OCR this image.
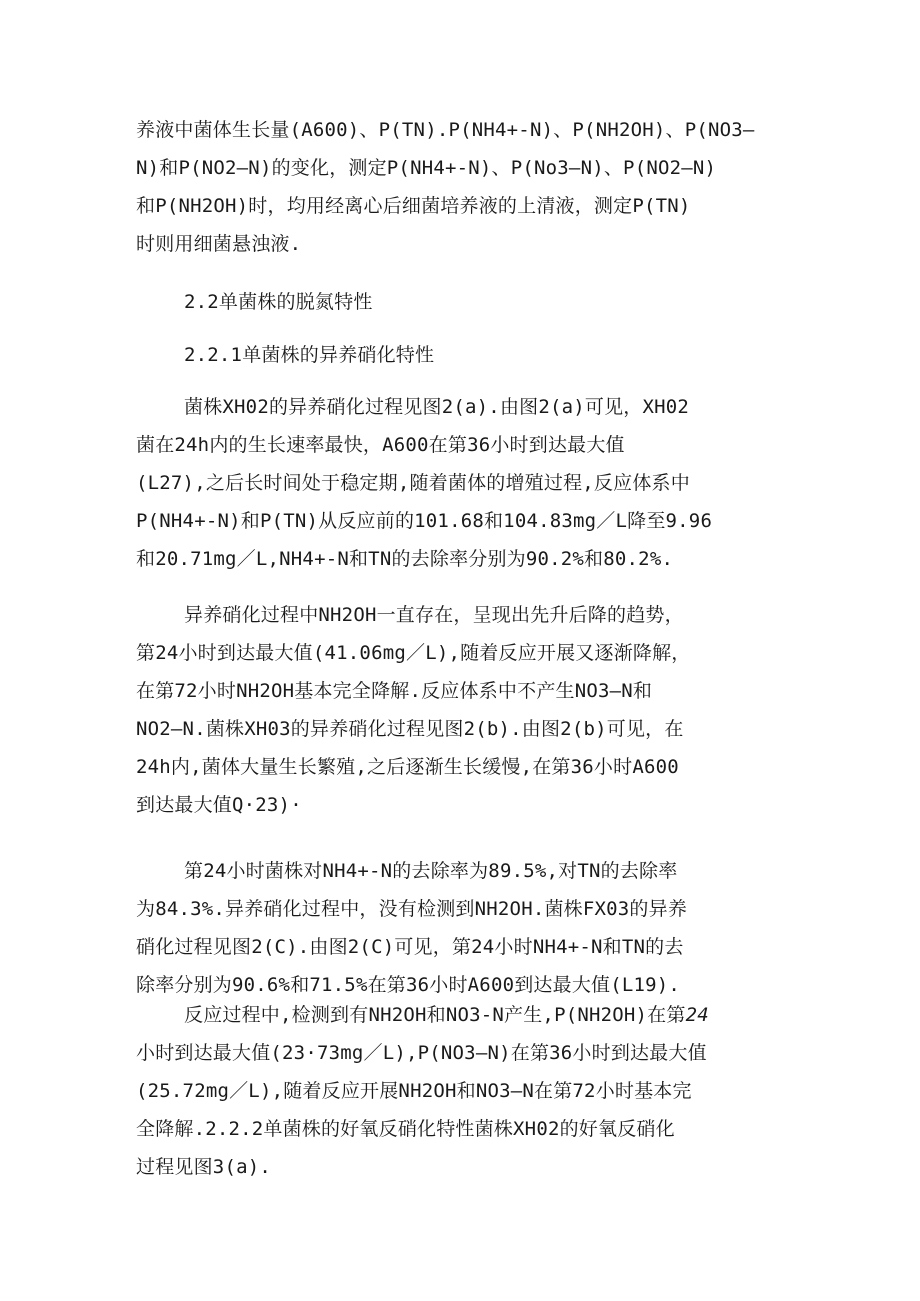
养液中菌体生长量(A600)、P(TN).P(NH4+-N)、P(NH2OH)、P(NO3—
N)和P(NO2—N)的变化，测定P(NH4+-N)、P(No3—N)、P(NO2—N)
和P(NH2OH)时，均用经离心后细菌培养液的上清液，测定P(TN)
时则用细菌悬浊液.

2.2单菌株的脱氮特性

2.2.1单菌株的异养硝化特性

菌株XH02的异养硝化过程见图2(a).由图2(a)可见，XH02
菌在24h内的生长速率最快，A600在第36小时到达最大值
(L27),之后长时间处于稳定期,随着菌体的增殖过程,反应体系中
P(NH4+-N)和P(TN)从反应前的101.68和104.83mg／L降至9.96
和20.71mg／L,NH4+-N和TN的去除率分别为90.2%和80.2%.

异养硝化过程中NH2OH一直存在，呈现出先升后降的趋势，
第24小时到达最大值(41.06mg／L),随着反应开展又逐渐降解，
在第72小时NH2OH基本完全降解.反应体系中不产生NO3—N和
NO2—N.菌株XH03的异养硝化过程见图2(b).由图2(b)可见，在
24h内,菌体大量生长繁殖,之后逐渐生长缓慢,在第36小时A600
到达最大值Q·23)·

第24小时菌株对NH4+-N的去除率为89.5%,对TN的去除率
为84.3%.异养硝化过程中，没有检测到NH2OH.菌株FX03的异养
硝化过程见图2(C).由图2(C)可见，第24小时NH4+-N和TN的去
除率分别为90.6%和71.5%在第36小时A600到达最大值(L19).

反应过程中,检测到有NH2OH和NO3-N产生,P(NH2OH)在第24
小时到达最大值(23·73mg／L),P(NO3—N)在第36小时到达最大值
(25.72mg／L),随着反应开展NH2OH和NO3—N在第72小时基本完
全降解.2.2.2单菌株的好氧反硝化特性菌株XH02的好氧反硝化
过程见图3(a).
